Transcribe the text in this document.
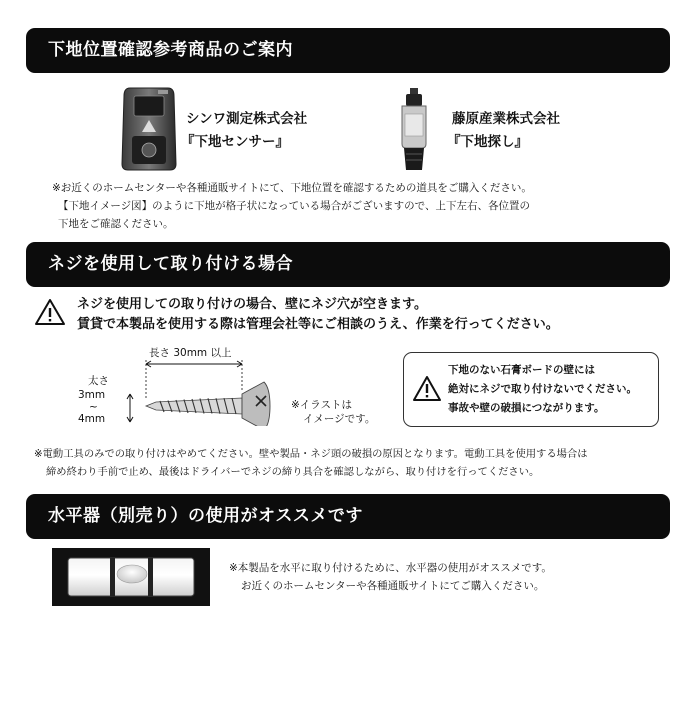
下地位置確認参考商品のご案内
シンワ測定株式会社
『下地センサー』
藤原産業株式会社
『下地探し』
※お近くのホームセンターや各種通販サイトにて、下地位置を確認するための道具をご購入ください。
【下地イメージ図】のように下地が格子状になっている場合がございますので、上下左右、各位置の
下地をご確認ください。
ネジを使用して取り付ける場合
ネジを使用しての取り付けの場合、壁にネジ穴が空きます。
賃貸で本製品を使用する際は管理会社等にご相談のうえ、作業を行ってください。
長さ 30mm 以上
太さ
3mm
~
4mm
※イラストは
イメージです。
下地のない石膏ボードの壁には
絶対にネジで取り付けないでください。
事故や壁の破損につながります。
※電動工具のみでの取り付けはやめてください。壁や製品・ネジ頭の破損の原因となります。電動工具を使用する場合は
締め終わり手前で止め、最後はドライバーでネジの締り具合を確認しながら、取り付けを行ってください。
水平器（別売り）の使用がオススメです
※本製品を水平に取り付けるために、水平器の使用がオススメです。
お近くのホームセンターや各種通販サイトにてご購入ください。
